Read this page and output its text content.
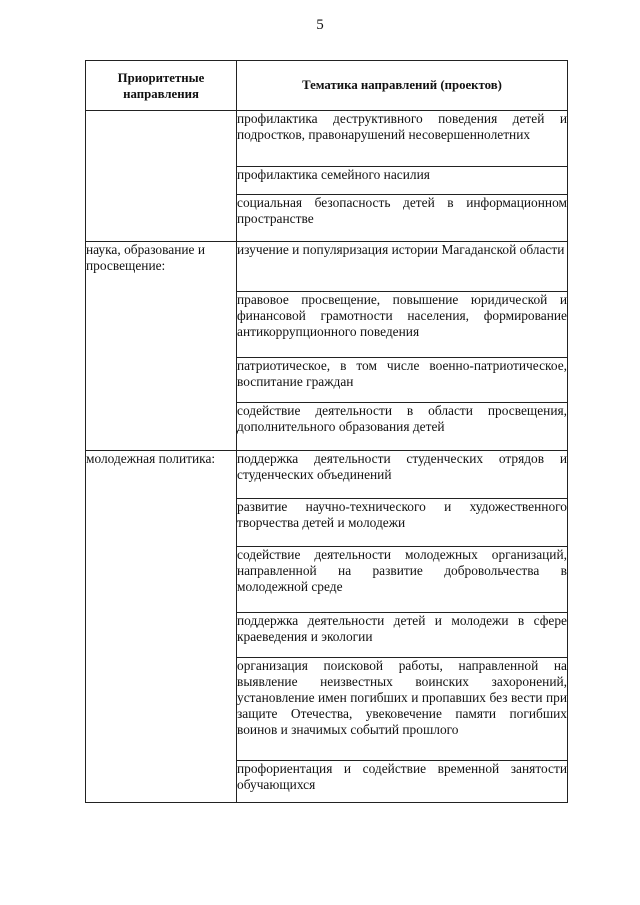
5
Приоритетные направления	Тематика направлений (проектов)

	профилактика деструктивного поведения детей и подростков, правонарушений несовершеннолетних

	профилактика семейного насилия

	социальная безопасность детей в информационном пространстве

наука, образование и просвещение:	изучение и популяризация истории Магаданской области

	правовое просвещение, повышение юридической и финансовой грамотности населения, формирование антикоррупционного поведения

	патриотическое, в том числе военно-патриотическое, воспитание граждан

	содействие деятельности в области просвещения, дополнительного образования детей

молодежная политика:	поддержка деятельности студенческих отрядов и студенческих объединений

	развитие научно-технического и художественного творчества детей и молодежи

	содействие деятельности молодежных организаций, направленной на развитие добровольчества в молодежной среде

	поддержка деятельности детей и молодежи в сфере краеведения и экологии

	организация поисковой работы, направленной на выявление неизвестных воинских захоронений, установление имен погибших и пропавших без вести при защите Отечества, увековечение памяти погибших воинов и значимых событий прошлого

	профориентация и содействие временной занятости обучающихся
